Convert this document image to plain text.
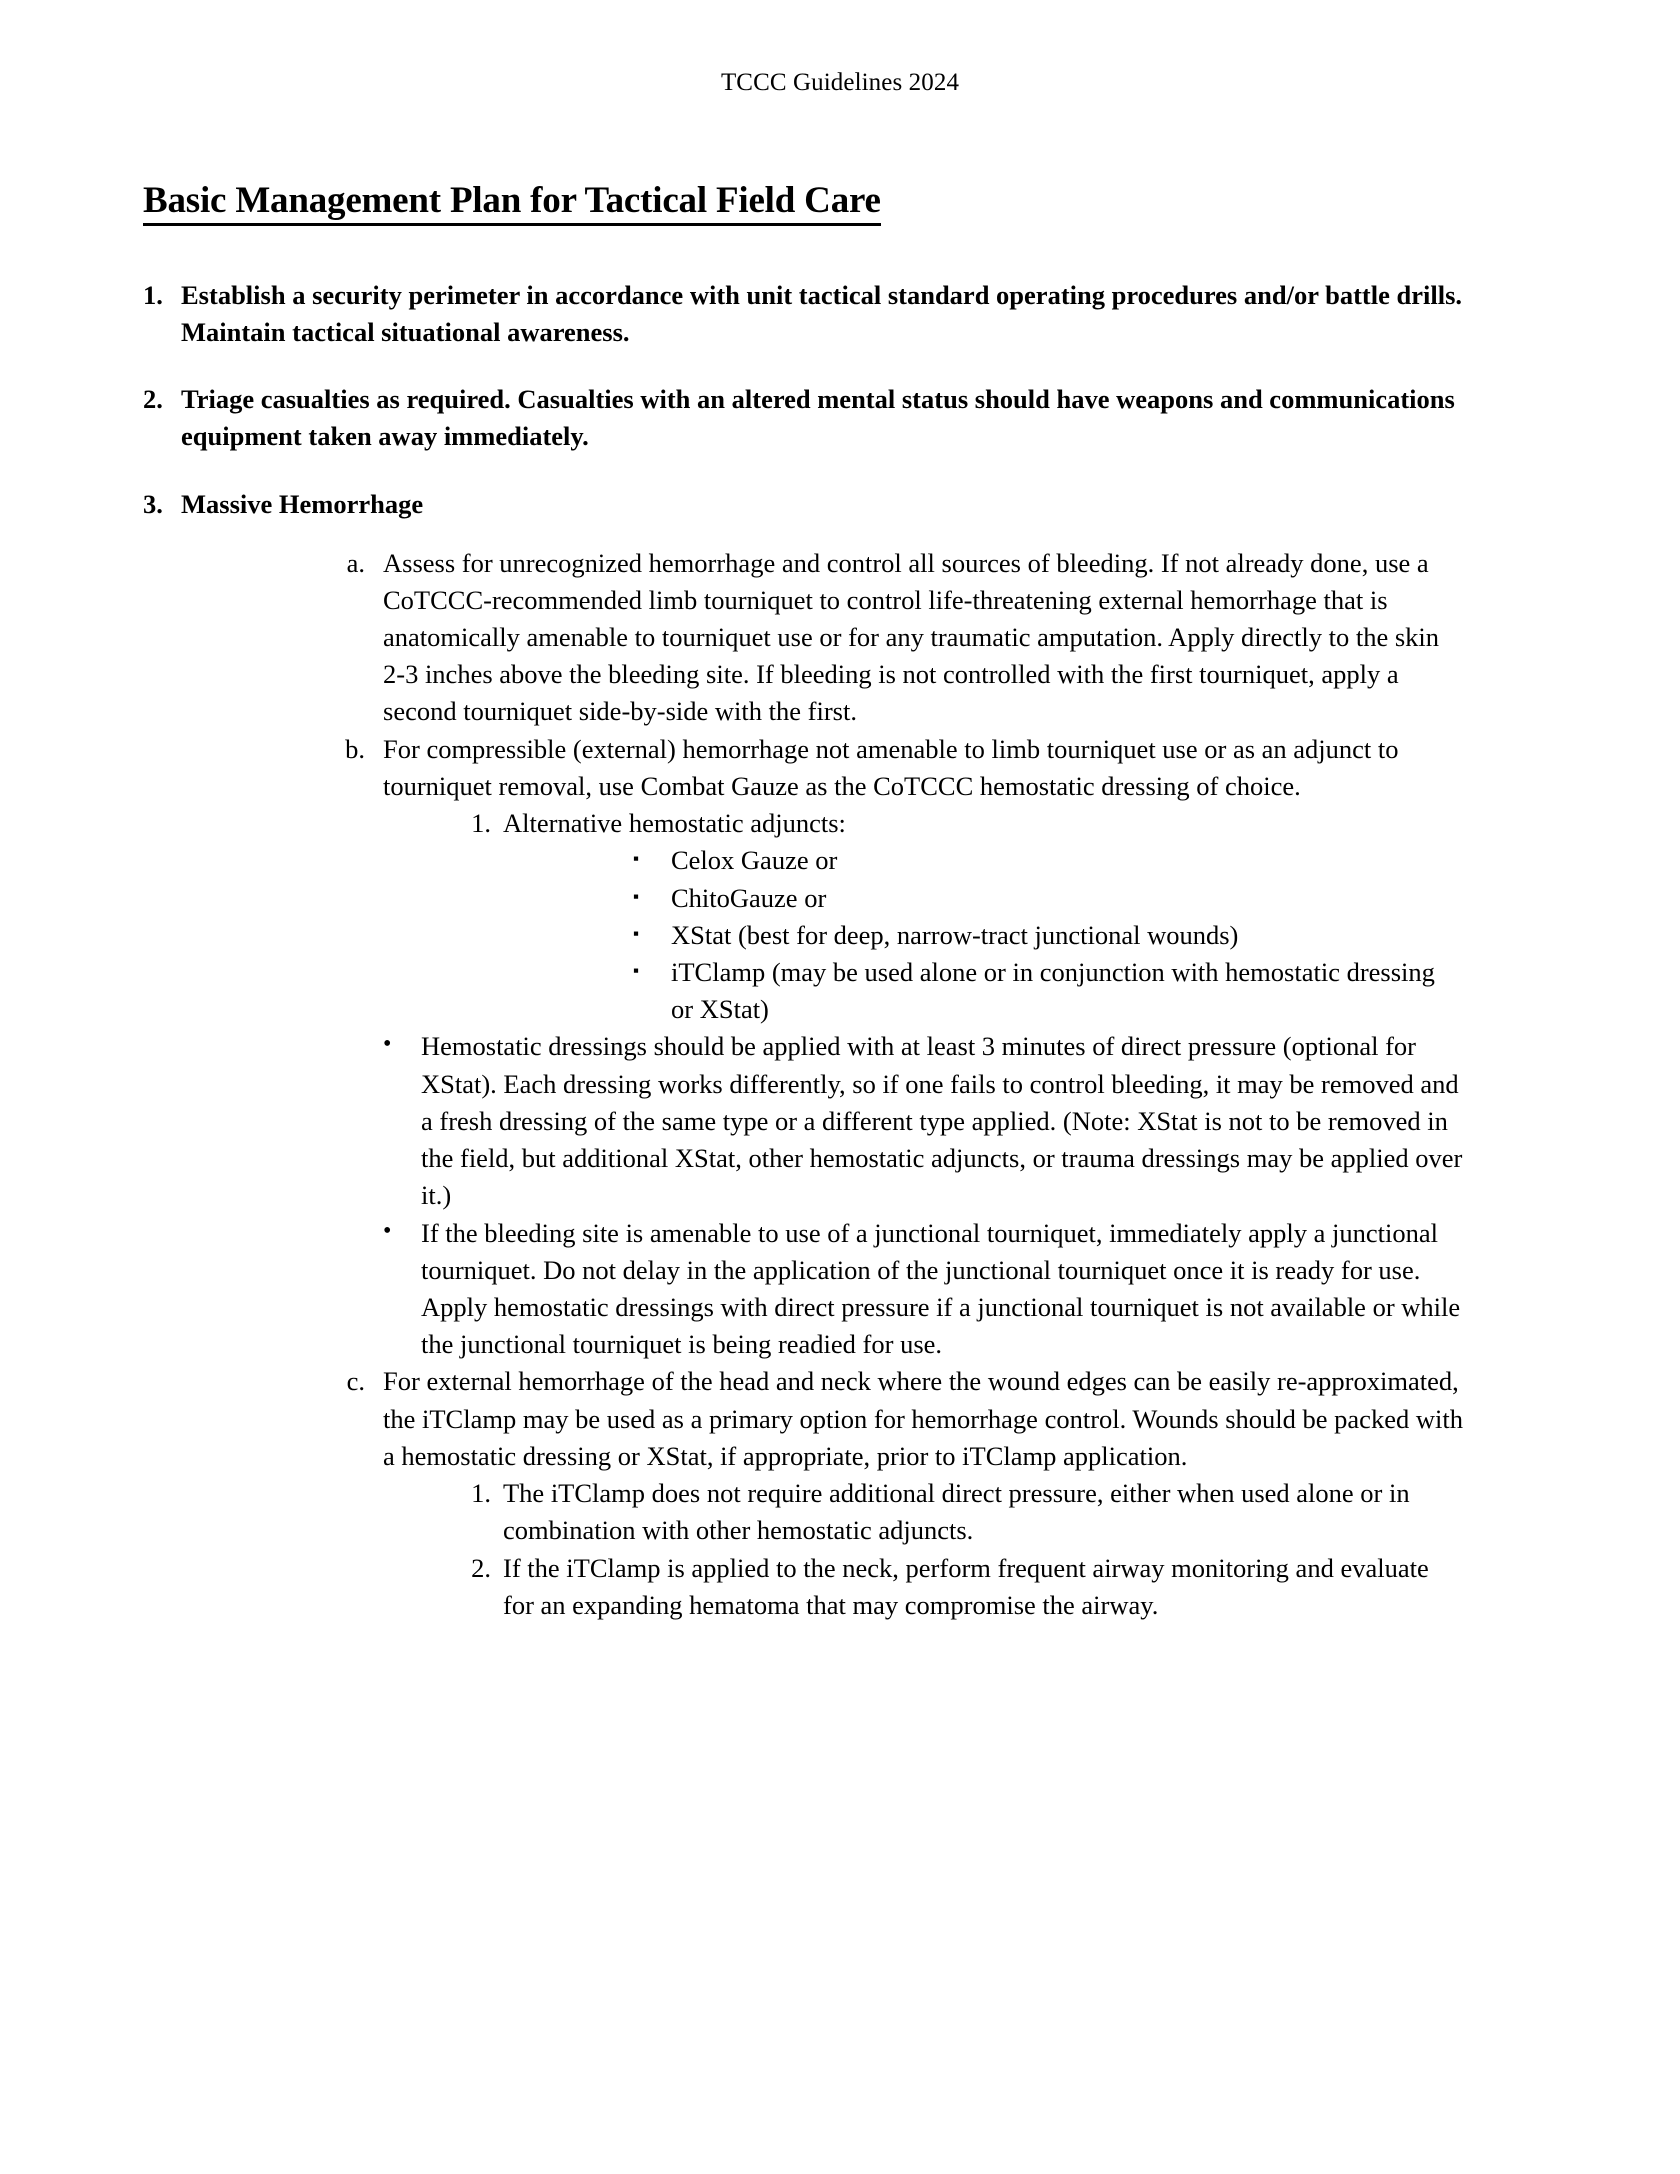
TCCC Guidelines 2024
Basic Management Plan for Tactical Field Care
1. Establish a security perimeter in accordance with unit tactical standard operating procedures and/or battle drills. Maintain tactical situational awareness.
2. Triage casualties as required. Casualties with an altered mental status should have weapons and communications equipment taken away immediately.
3. Massive Hemorrhage
a. Assess for unrecognized hemorrhage and control all sources of bleeding. If not already done, use a CoTCCC-recommended limb tourniquet to control life-threatening external hemorrhage that is anatomically amenable to tourniquet use or for any traumatic amputation. Apply directly to the skin 2-3 inches above the bleeding site. If bleeding is not controlled with the first tourniquet, apply a second tourniquet side-by-side with the first.
b. For compressible (external) hemorrhage not amenable to limb tourniquet use or as an adjunct to tourniquet removal, use Combat Gauze as the CoTCCC hemostatic dressing of choice.
1. Alternative hemostatic adjuncts:
▪ Celox Gauze or
▪ ChitoGauze or
▪ XStat (best for deep, narrow-tract junctional wounds)
▪ iTClamp (may be used alone or in conjunction with hemostatic dressing or XStat)
• Hemostatic dressings should be applied with at least 3 minutes of direct pressure (optional for XStat). Each dressing works differently, so if one fails to control bleeding, it may be removed and a fresh dressing of the same type or a different type applied. (Note: XStat is not to be removed in the field, but additional XStat, other hemostatic adjuncts, or trauma dressings may be applied over it.)
• If the bleeding site is amenable to use of a junctional tourniquet, immediately apply a junctional tourniquet. Do not delay in the application of the junctional tourniquet once it is ready for use. Apply hemostatic dressings with direct pressure if a junctional tourniquet is not available or while the junctional tourniquet is being readied for use.
c. For external hemorrhage of the head and neck where the wound edges can be easily re-approximated, the iTClamp may be used as a primary option for hemorrhage control. Wounds should be packed with a hemostatic dressing or XStat, if appropriate, prior to iTClamp application.
1. The iTClamp does not require additional direct pressure, either when used alone or in combination with other hemostatic adjuncts.
2. If the iTClamp is applied to the neck, perform frequent airway monitoring and evaluate for an expanding hematoma that may compromise the airway.
